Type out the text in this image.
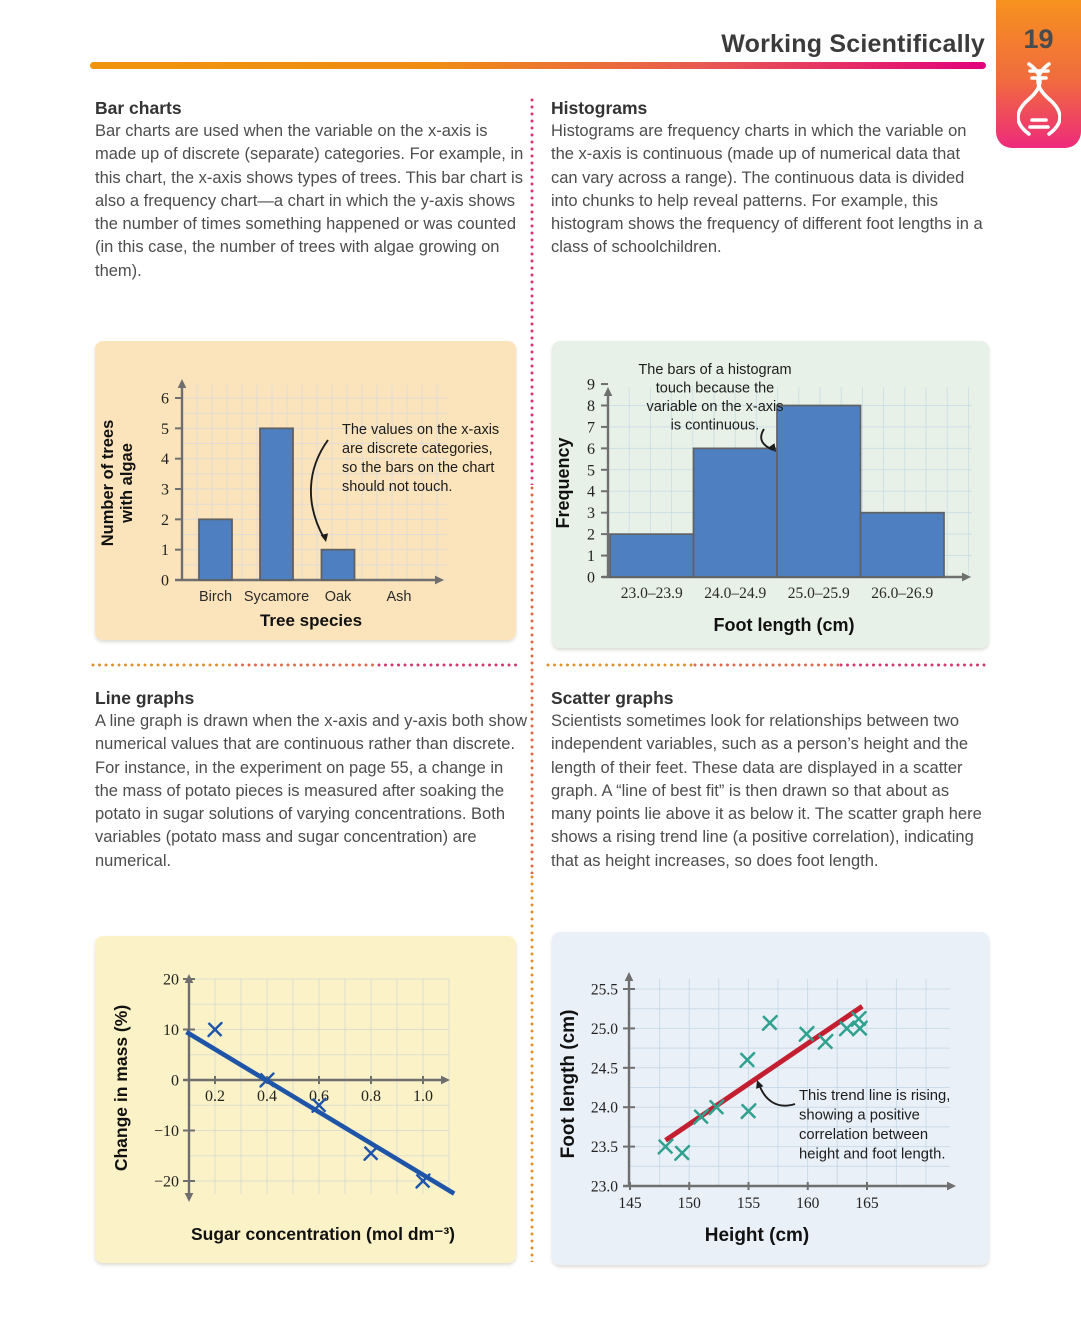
Working Scientifically 19

Bar charts

Bar charts are used when the variable on the x-axis is made up of discrete (separate) categories. For example, in this chart, the x-axis shows types of trees. This bar chart is also a frequency chart—a chart in which the y-axis shows the number of times something happened or was counted (in this case, the number of trees with algae growing on them).

Histograms

Histograms are frequency charts in which the variable on the x-axis is continuous (made up of numerical data that can vary across a range). The continuous data is divided into chunks to help reveal patterns. For example, this histogram shows the frequency of different foot lengths in a class of schoolchildren.

Line graphs

A line graph is drawn when the x-axis and y-axis both show numerical values that are continuous rather than discrete. For instance, in the experiment on page 55, a change in the mass of potato pieces is measured after soaking the potato in sugar solutions of varying concentrations. Both variables (potato mass and sugar concentration) are numerical.

Scatter graphs

Scientists sometimes look for relationships between two independent variables, such as a person’s height and the length of their feet. These data are displayed in a scatter graph. A “line of best fit” is then drawn so that about as many points lie above it as below it. The scatter graph here shows a rising trend line (a positive correlation), indicating that as height increases, so does foot length.

0
1
2
3
4
5
6
Birch Sycamore Oak Ash
Tree species
Number of trees with algae
The values on the x-axis
are discrete categories,
so the bars on the chart
should not touch.
0
1
2
3
4
5
6
7
8
9
23.0–23.9 24.0–24.9 25.0–25.9 26.0–26.9
Foot length (cm)
Frequency
The bars of a histogram
touch because the
variable on the x-axis
is continuous.
20
10
0
−10
−20
0.2 0.4 0.6 0.8 1.0
Sugar concentration (mol dm⁻³)
Change in mass (%)
23.0
23.5
24.0
24.5
25.0
25.5
145 150 155 160 165
Height (cm)
Foot length (cm)	This trend line is rising,
showing a positive
correlation between
height and foot length.
